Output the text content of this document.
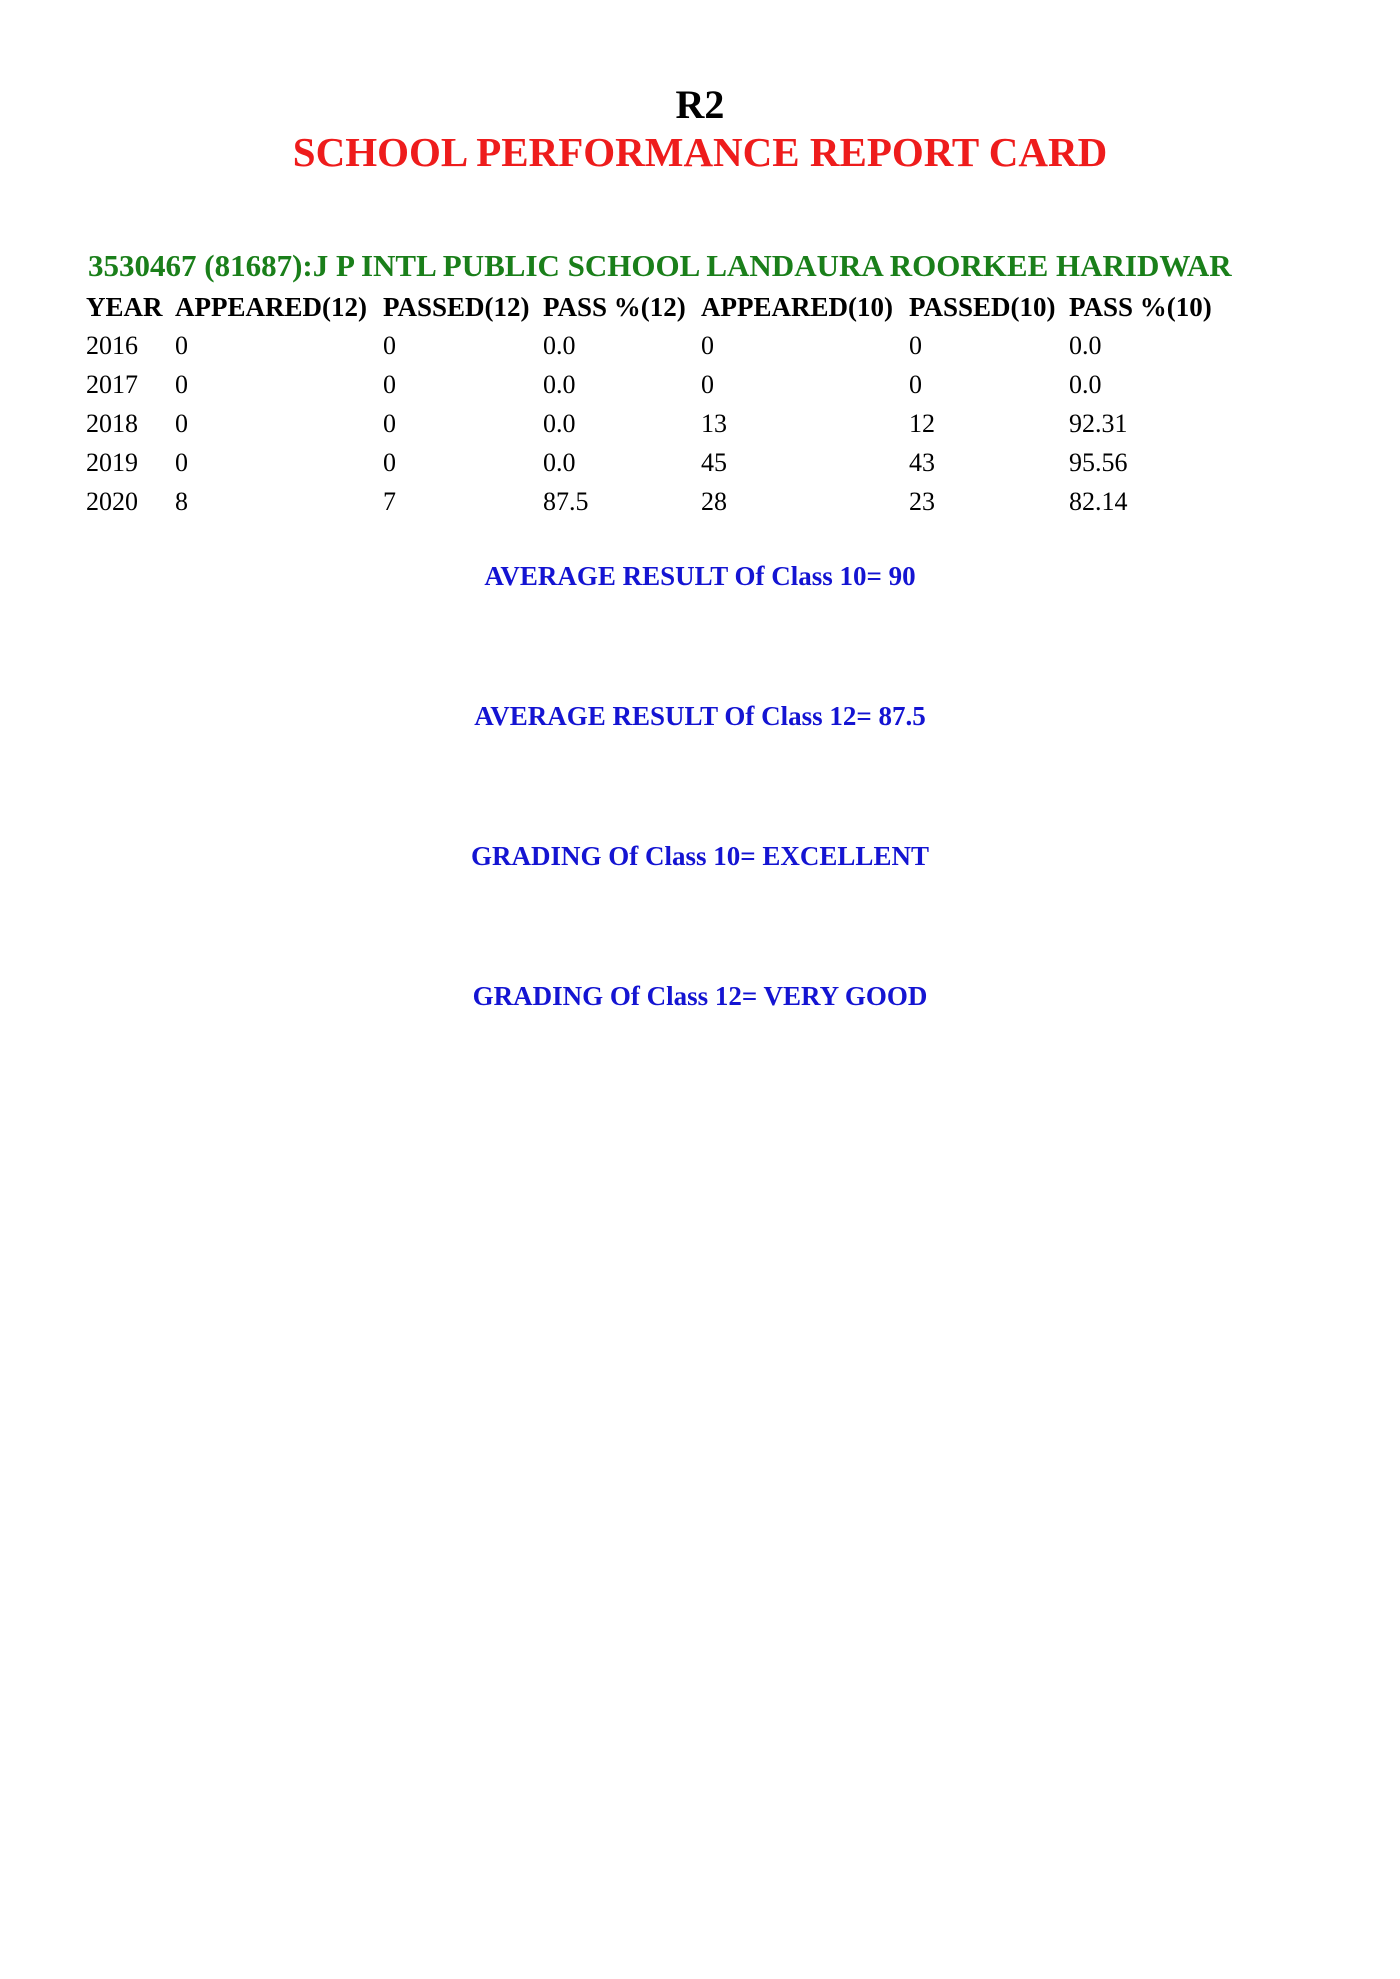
R2
SCHOOL PERFORMANCE REPORT CARD
3530467 (81687):J P INTL PUBLIC SCHOOL LANDAURA ROORKEE HARIDWAR
YEAR	APPEARED(12)	PASSED(12)	PASS %(12)	APPEARED(10)	PASSED(10)	PASS %(10)
2016	0	0	0.0	0	0	0.0
2017	0	0	0.0	0	0	0.0
2018	0	0	0.0	13	12	92.31
2019	0	0	0.0	45	43	95.56
2020	8	7	87.5	28	23	82.14
AVERAGE RESULT Of Class 10= 90
AVERAGE RESULT Of Class 12= 87.5
GRADING Of Class 10= EXCELLENT
GRADING Of Class 12= VERY GOOD
